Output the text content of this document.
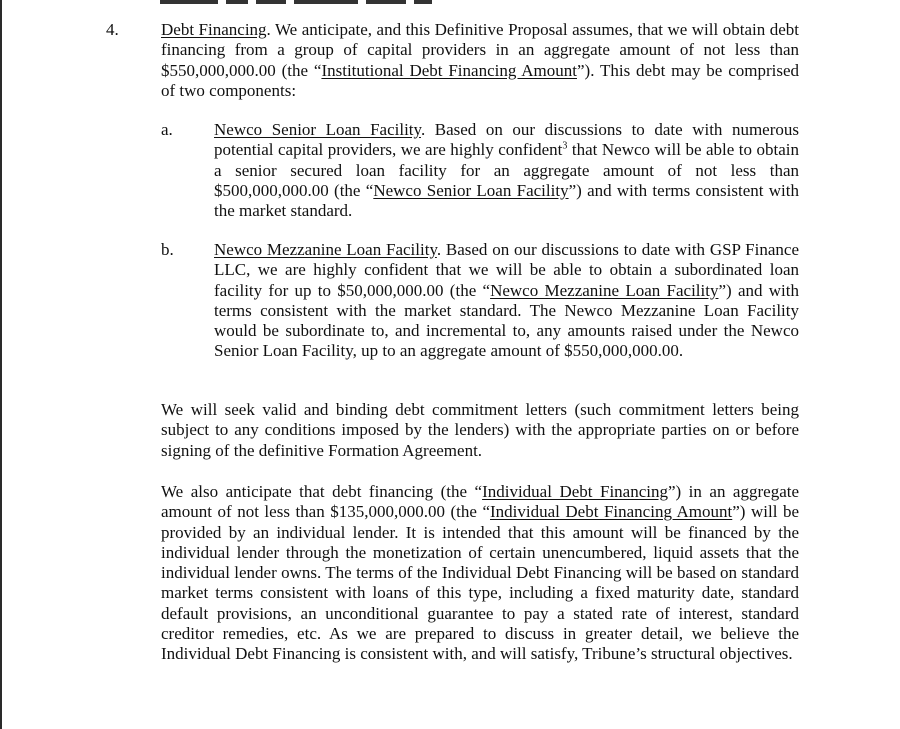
4. Debt Financing. We anticipate, and this Definitive Proposal assumes, that we will obtain debt financing from a group of capital providers in an aggregate amount of not less than $550,000,000.00 (the “Institutional Debt Financing Amount”). This debt may be comprised of two components:

a. Newco Senior Loan Facility. Based on our discussions to date with numerous potential capital providers, we are highly confident$^3$ that Newco will be able to obtain a senior secured loan facility for an aggregate amount of not less than $500,000,000.00 (the “Newco Senior Loan Facility”) and with terms consistent with the market standard.

b. Newco Mezzanine Loan Facility. Based on our discussions to date with GSP Finance LLC, we are highly confident that we will be able to obtain a subordinated loan facility for up to $50,000,000.00 (the “Newco Mezzanine Loan Facility”) and with terms consistent with the market standard. The Newco Mezzanine Loan Facility would be subordinate to, and incremental to, any amounts raised under the Newco Senior Loan Facility, up to an aggregate amount of $550,000,000.00.

We will seek valid and binding debt commitment letters (such commitment letters being subject to any conditions imposed by the lenders) with the appropriate parties on or before signing of the definitive Formation Agreement.

We also anticipate that debt financing (the “Individual Debt Financing”) in an aggregate amount of not less than $135,000,000.00 (the “Individual Debt Financing Amount”) will be provided by an individual lender. It is intended that this amount will be financed by the individual lender through the monetization of certain unencumbered, liquid assets that the individual lender owns. The terms of the Individual Debt Financing will be based on standard market terms consistent with loans of this type, including a fixed maturity date, standard default provisions, an unconditional guarantee to pay a stated rate of interest, standard creditor remedies, etc. As we are prepared to discuss in greater detail, we believe the Individual Debt Financing is consistent with, and will satisfy, Tribune’s structural objectives.
